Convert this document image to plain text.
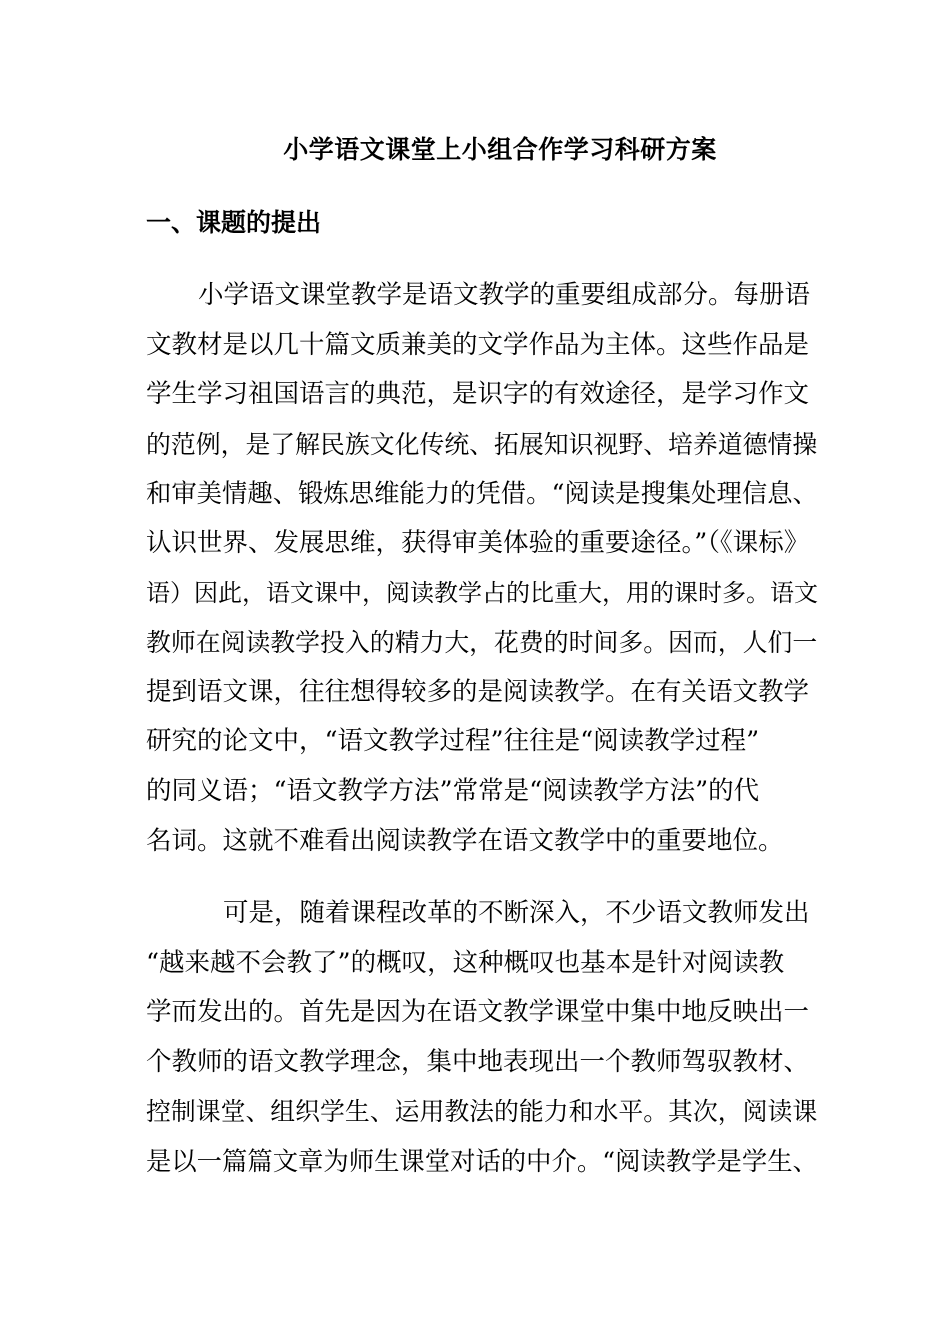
小学语文课堂上小组合作学习科研方案
一、课题的提出
小学语文课堂教学是语文教学的重要组成部分。每册语
文教材是以几十篇文质兼美的文学作品为主体。这些作品是
学生学习祖国语言的典范，是识字的有效途径，是学习作文
的范例，是了解民族文化传统、拓展知识视野、培养道德情操
和审美情趣、锻炼思维能力的凭借。“阅读是搜集处理信息、
认识世界、发展思维，获得审美体验的重要途径。”（《课标》
语）因此，语文课中，阅读教学占的比重大，用的课时多。语文
教师在阅读教学投入的精力大，花费的时间多。因而，人们一
提到语文课，往往想得较多的是阅读教学。在有关语文教学
研究的论文中，“语文教学过程”往往是“阅读教学过程”
的同义语；“语文教学方法”常常是“阅读教学方法”的代
名词。这就不难看出阅读教学在语文教学中的重要地位。
可是，随着课程改革的不断深入，不少语文教师发出
“越来越不会教了”的概叹，这种概叹也基本是针对阅读教
学而发出的。首先是因为在语文教学课堂中集中地反映出一
个教师的语文教学理念，集中地表现出一个教师驾驭教材、
控制课堂、组织学生、运用教法的能力和水平。其次，阅读课
是以一篇篇文章为师生课堂对话的中介。“阅读教学是学生、
